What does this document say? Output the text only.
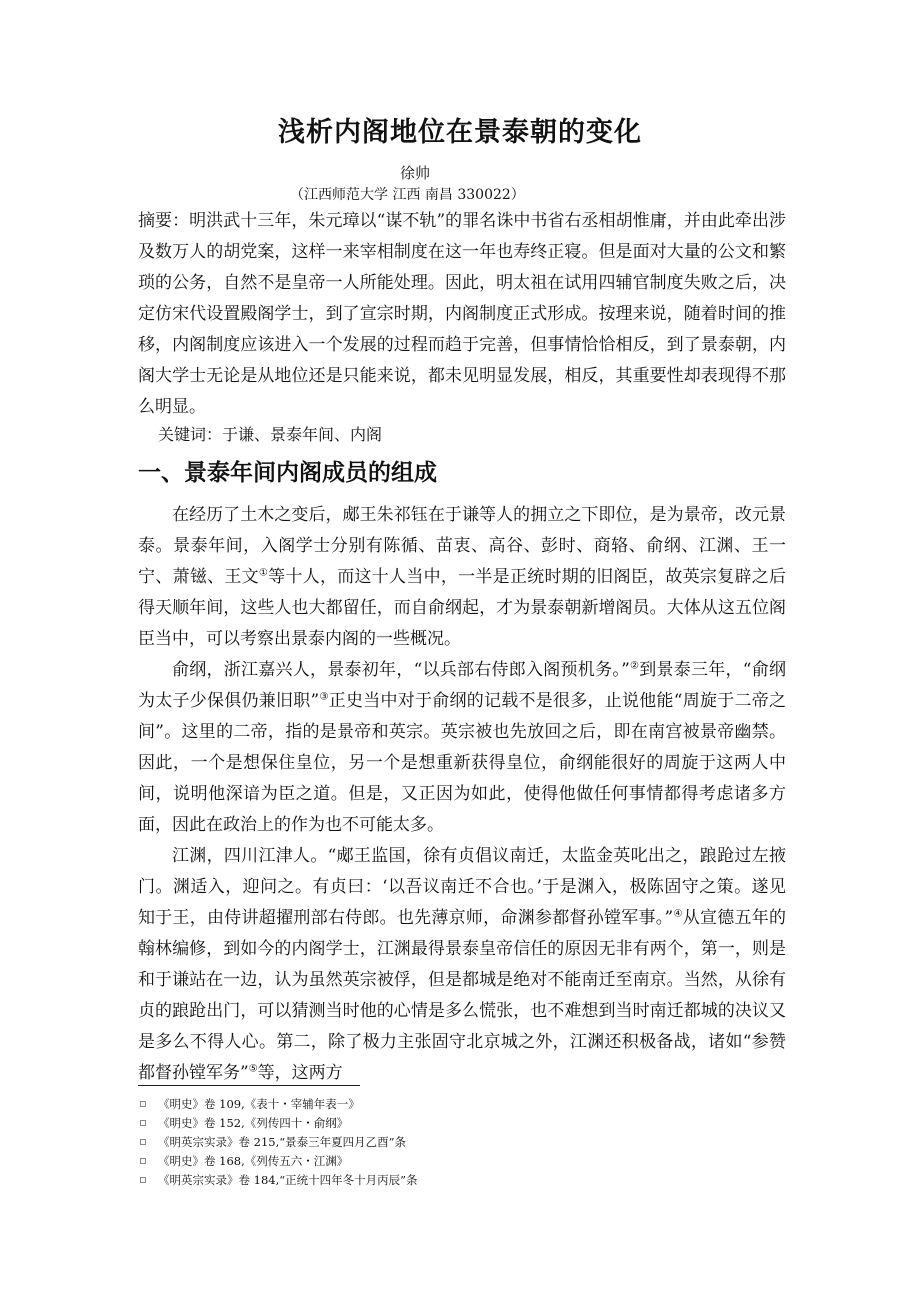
浅析内阁地位在景泰朝的变化
徐帅
（江西师范大学 江西 南昌 330022）

摘要：明洪武十三年，朱元璋以“谋不轨”的罪名诛中书省右丞相胡惟庸，并由此牵出涉及数万人的胡党案，这样一来宰相制度在这一年也寿终正寝。但是面对大量的公文和繁琐的公务，自然不是皇帝一人所能处理。因此，明太祖在试用四辅官制度失败之后，决定仿宋代设置殿阁学士，到了宣宗时期，内阁制度正式形成。按理来说，随着时间的推移，内阁制度应该进入一个发展的过程而趋于完善，但事情恰恰相反，到了景泰朝，内阁大学士无论是从地位还是只能来说，都未见明显发展，相反，其重要性却表现得不那么明显。

关键词：于谦、景泰年间、内阁
一、景泰年间内阁成员的组成

在经历了土木之变后，郕王朱祁钰在于谦等人的拥立之下即位，是为景帝，改元景泰。景泰年间，入阁学士分别有陈循、苗衷、高谷、彭时、商辂、俞纲、江渊、王一宁、萧镃、王文①等十人，而这十人当中，一半是正统时期的旧阁臣，故英宗复辟之后得天顺年间，这些人也大都留任，而自俞纲起，才为景泰朝新增阁员。大体从这五位阁臣当中，可以考察出景泰内阁的一些概况。

俞纲，浙江嘉兴人，景泰初年，“以兵部右侍郎入阁预机务。”②到景泰三年，“俞纲为太子少保俱仍兼旧职”③正史当中对于俞纲的记载不是很多，止说他能“周旋于二帝之间”。这里的二帝，指的是景帝和英宗。英宗被也先放回之后，即在南宫被景帝幽禁。因此，一个是想保住皇位，另一个是想重新获得皇位，俞纲能很好的周旋于这两人中间，说明他深谙为臣之道。但是，又正因为如此，使得他做任何事情都得考虑诸多方面，因此在政治上的作为也不可能太多。

江渊，四川江津人。“郕王监国，徐有贞倡议南迁，太监金英叱出之，踉跄过左掖门。渊适入，迎问之。有贞曰：‘以吾议南迁不合也。’于是渊入，极陈固守之策。遂见知于王，由侍讲超擢刑部右侍郎。也先薄京师，命渊参都督孙镗军事。”④从宣德五年的翰林编修，到如今的内阁学士，江渊最得景泰皇帝信任的原因无非有两个，第一，则是和于谦站在一边，认为虽然英宗被俘，但是都城是绝对不能南迁至南京。当然，从徐有贞的踉跄出门，可以猜测当时他的心情是多么慌张，也不难想到当时南迁都城的决议又是多么不得人心。第二，除了极力主张固守北京城之外，江渊还积极备战，诸如“参赞都督孙镗军务”⑤等，这两方

《明史》卷 109,《表十・宰辅年表一》
《明史》卷 152,《列传四十・俞纲》
《明英宗实录》卷 215,“景泰三年夏四月乙酉”条
《明史》卷 168,《列传五六・江渊》
《明英宗实录》卷 184,“正统十四年冬十月丙辰”条
